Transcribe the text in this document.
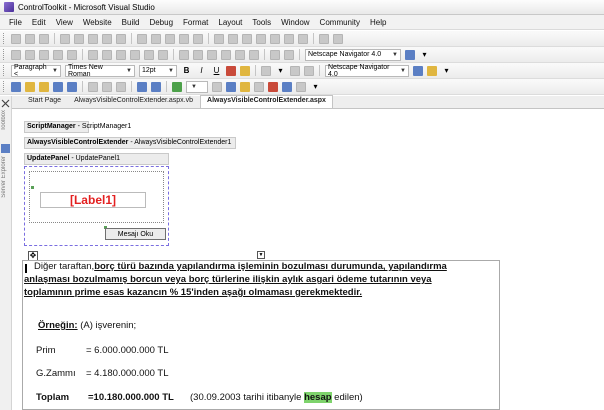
ControlToolkit - Microsoft Visual Studio
File	Edit	View	Website	Build	Debug	Format	Layout	Tools	Window	Community	Help
Netscape Navigator 4.0 ▼	▾
Paragraph <	▼ Times New Roman	▼ 12pt ▼	B	I	U	▾	Netscape Navigator 4.0	▼	▾
▼	▾
Toolbox
Server Explorer
Start Page	AlwaysVisibleControlExtender.aspx.vb	AlwaysVisibleControlExtender.aspx
ScriptManager - ScriptManager1
AlwaysVisibleControlExtender - AlwaysVisibleControlExtender1
UpdatePanel - UpdatePanel1
[Label1]
Mesajı Oku
✥	▼
Diğer taraftan,borç türü bazında yapılandırma işleminin bozulması durumunda, yapılandırma
anlaşması bozulmamış borcun veya borç türlerine ilişkin aylık asgari ödeme tutarının veya
toplamının prime esas kazancın % 15'inden aşağı olmaması gerekmektedir.
Örneğin: (A) işverenin;
Prim	= 6.000.000.000 TL
G.Zammı = 4.180.000.000 TL
Toplam =10.180.000.000 TL (30.09.2003 tarihi itibanyle hesap edilen)
